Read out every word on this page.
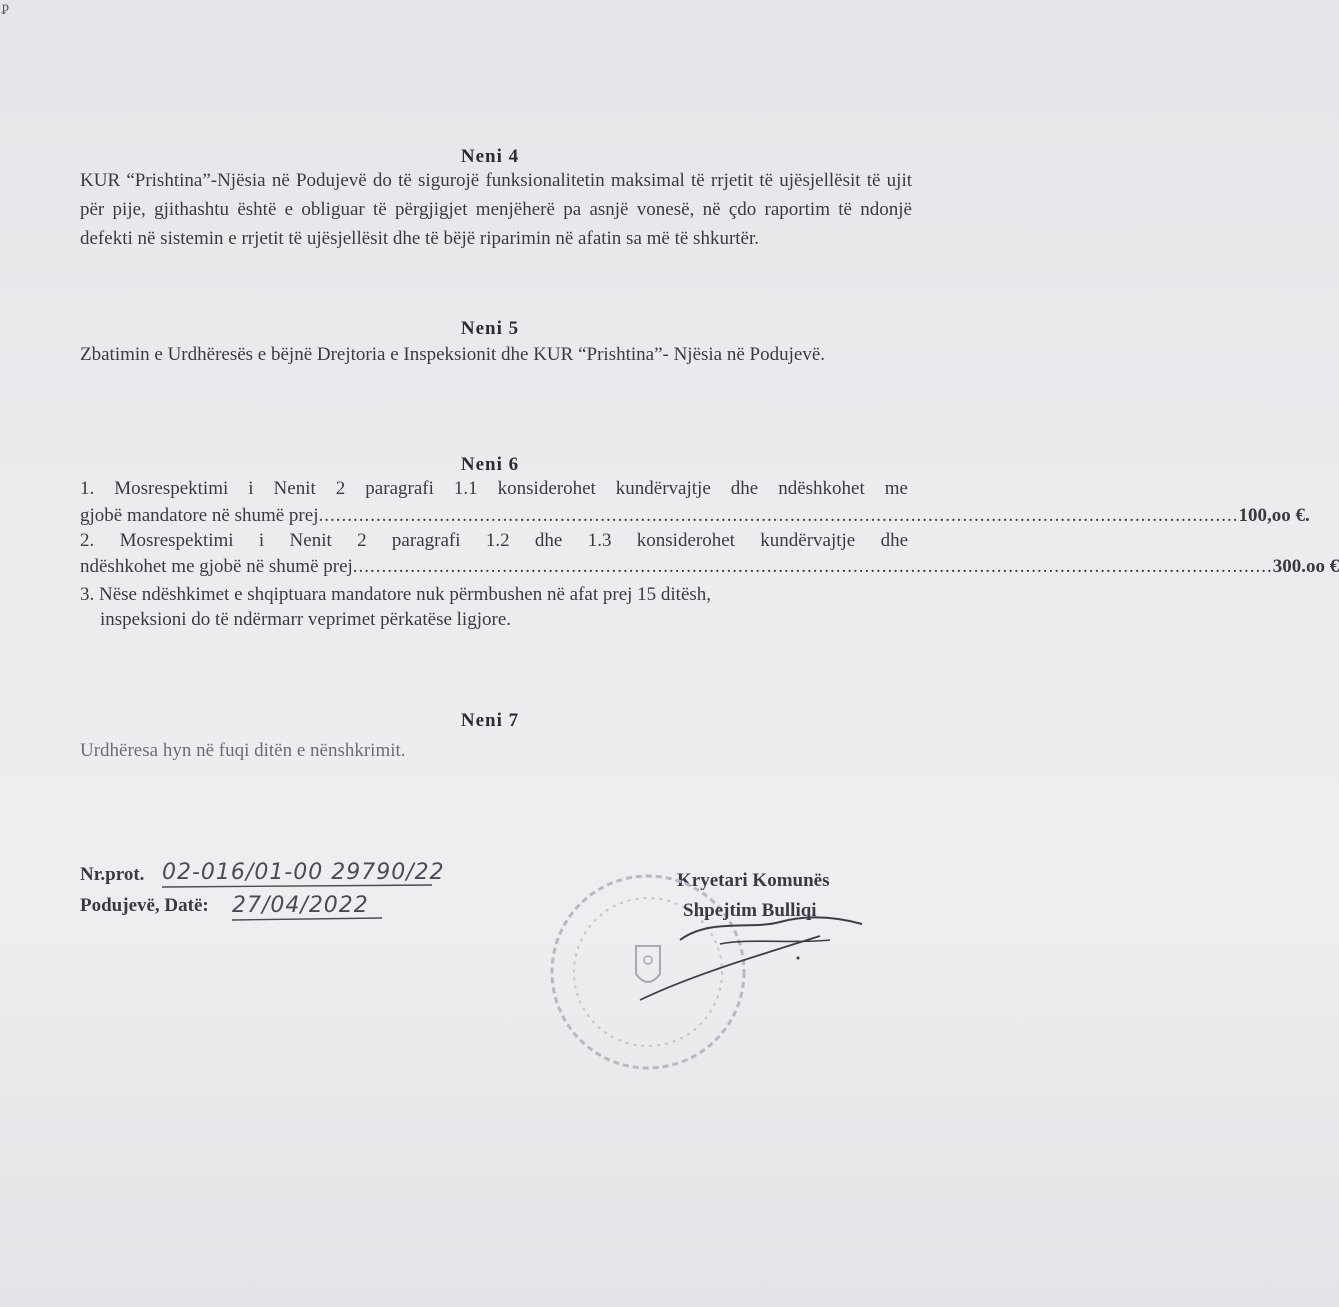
ᵱ
Neni 4
KUR “Prishtina”-Njësia në Podujevë do të sigurojë funksionalitetin maksimal të rrjetit të ujësjellësit të ujit për pije, gjithashtu është e obliguar të përgjigjet menjëherë pa asnjë vonesë, në çdo raportim të ndonjë defekti në sistemin e rrjetit të ujësjellësit dhe të bëjë riparimin në afatin sa më të shkurtër.
Neni 5
Zbatimin e Urdhëresës e bëjnë Drejtoria e Inspeksionit dhe KUR “Prishtina”- Njësia në Podujevë.
Neni 6
1. Mosrespektimi i Nenit 2 paragrafi 1.1 konsiderohet kundërvajtje dhe ndëshkohet me
gjobë mandatore në shumë prej ................................................................................................................................................................ 100,oo €.
2. Mosrespektimi i Nenit 2 paragrafi 1.2 dhe 1.3 konsiderohet kundërvajtje dhe
ndëshkohet me gjobë në shumë prej ................................................................................................................................................................ 300.oo €
3. Nëse ndëshkimet e shqiptuara mandatore nuk përmbushen në afat prej 15 ditësh,
inspeksioni do të ndërmarr veprimet përkatëse ligjore.
Neni 7
Urdhëresa hyn në fuqi ditën e nënshkrimit.
Nr.prot. 02-016/01-00 29790/22
Podujevë, Datë: 27/04/2022
Kryetari Komunës
Shpejtim Bulliqi
